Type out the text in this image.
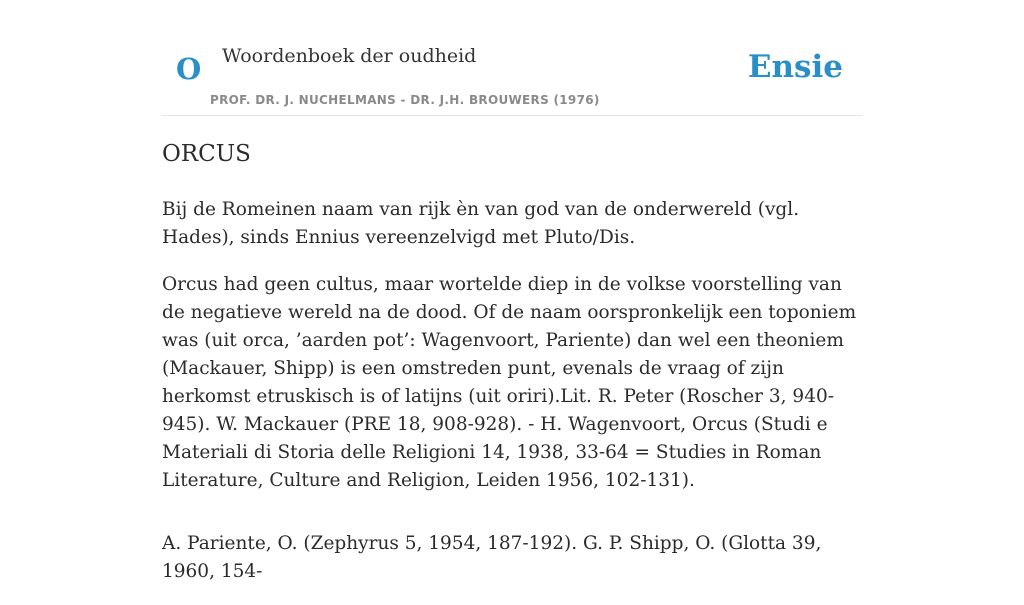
O Woordenboek der oudheid
PROF. DR. J. NUCHELMANS - DR. J.H. BROUWERS (1976)
Ensie
ORCUS

Bij de Romeinen naam van rijk èn van god van de onderwereld (vgl. Hades), sinds Ennius vereenzelvigd met Pluto/Dis.

Orcus had geen cultus, maar wortelde diep in de volkse voorstelling van de negatieve wereld na de dood. Of de naam oorspronkelijk een toponiem was (uit orca, ’aarden pot’: Wagenvoort, Pariente) dan wel een theoniem (Mackauer, Shipp) is een omstreden punt, evenals de vraag of zijn herkomst etruskisch is of latijns (uit oriri).Lit. R. Peter (Roscher 3, 940-945). W. Mackauer (PRE 18, 908-928). - H. Wagenvoort, Orcus (Studi e Materiali di Storia delle Religioni 14, 1938, 33-64 = Studies in Roman Literature, Culture and Religion, Leiden 1956, 102-131).

A. Pariente, O. (Zephyrus 5, 1954, 187-192). G. P. Shipp, O. (Glotta 39, 1960, 154-
